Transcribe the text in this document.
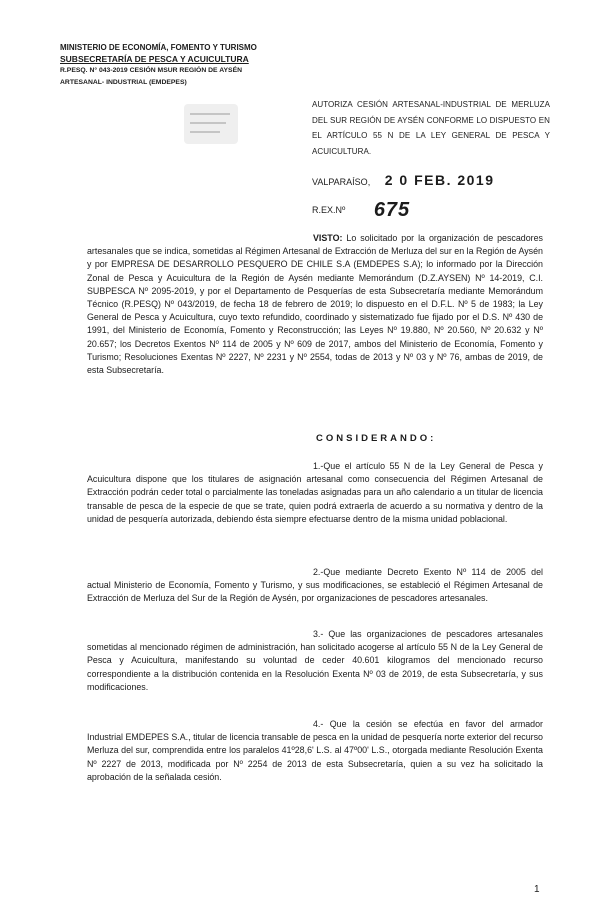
MINISTERIO DE ECONOMÍA, FOMENTO Y TURISMO
SUBSECRETARÍA DE PESCA Y ACUICULTURA
R.PESQ. N° 043-2019 CESIÓN MSUR REGIÓN DE AYSÉN
ARTESANAL- INDUSTRIAL (EMDEPES)
AUTORIZA CESIÓN ARTESANAL-INDUSTRIAL DE MERLUZA DEL SUR REGIÓN DE AYSÉN CONFORME LO DISPUESTO EN EL ARTÍCULO 55 N DE LA LEY GENERAL DE PESCA Y ACUICULTURA.
VALPARAÍSO, 2 0 FEB. 2019
R.EX.Nº 675
VISTO: Lo solicitado por la organización de pescadores artesanales que se indica, sometidas al Régimen Artesanal de Extracción de Merluza del sur en la Región de Aysén y por EMPRESA DE DESARROLLO PESQUERO DE CHILE S.A (EMDEPES S.A); lo informado por la Dirección Zonal de Pesca y Acuicultura de la Región de Aysén mediante Memorándum (D.Z.AYSEN) Nº 14-2019, C.I. SUBPESCA Nº 2095-2019, y por el Departamento de Pesquerías de esta Subsecretaría mediante Memorándum Técnico (R.PESQ) Nº 043/2019, de fecha 18 de febrero de 2019; lo dispuesto en el D.F.L. Nº 5 de 1983; la Ley General de Pesca y Acuicultura, cuyo texto refundido, coordinado y sistematizado fue fijado por el D.S. Nº 430 de 1991, del Ministerio de Economía, Fomento y Reconstrucción; las Leyes Nº 19.880, Nº 20.560, Nº 20.632 y Nº 20.657; los Decretos Exentos Nº 114 de 2005 y Nº 609 de 2017, ambos del Ministerio de Economía, Fomento y Turismo; Resoluciones Exentas Nº 2227, Nº 2231 y Nº 2554, todas de 2013 y Nº 03 y Nº 76, ambas de 2019, de esta Subsecretaría.
CONSIDERANDO:
1.-Que el artículo 55 N de la Ley General de Pesca y Acuicultura dispone que los titulares de asignación artesanal como consecuencia del Régimen Artesanal de Extracción podrán ceder total o parcialmente las toneladas asignadas para un año calendario a un titular de licencia transable de pesca de la especie de que se trate, quien podrá extraerla de acuerdo a su normativa y dentro de la unidad de pesquería autorizada, debiendo ésta siempre efectuarse dentro de la misma unidad poblacional.
2.-Que mediante Decreto Exento Nº 114 de 2005 del actual Ministerio de Economía, Fomento y Turismo, y sus modificaciones, se estableció el Régimen Artesanal de Extracción de Merluza del Sur de la Región de Aysén, por organizaciones de pescadores artesanales.
3.- Que las organizaciones de pescadores artesanales sometidas al mencionado régimen de administración, han solicitado acogerse al artículo 55 N de la Ley General de Pesca y Acuicultura, manifestando su voluntad de ceder 40.601 kilogramos del mencionado recurso correspondiente a la distribución contenida en la Resolución Exenta Nº 03 de 2019, de esta Subsecretaría, y sus modificaciones.
4.- Que la cesión se efectúa en favor del armador Industrial EMDEPES S.A., titular de licencia transable de pesca en la unidad de pesquería norte exterior del recurso Merluza del sur, comprendida entre los paralelos 41º28,6' L.S. al 47º00' L.S., otorgada mediante Resolución Exenta Nº 2227 de 2013, modificada por Nº 2254 de 2013 de esta Subsecretaría, quien a su vez ha solicitado la aprobación de la señalada cesión.
1
